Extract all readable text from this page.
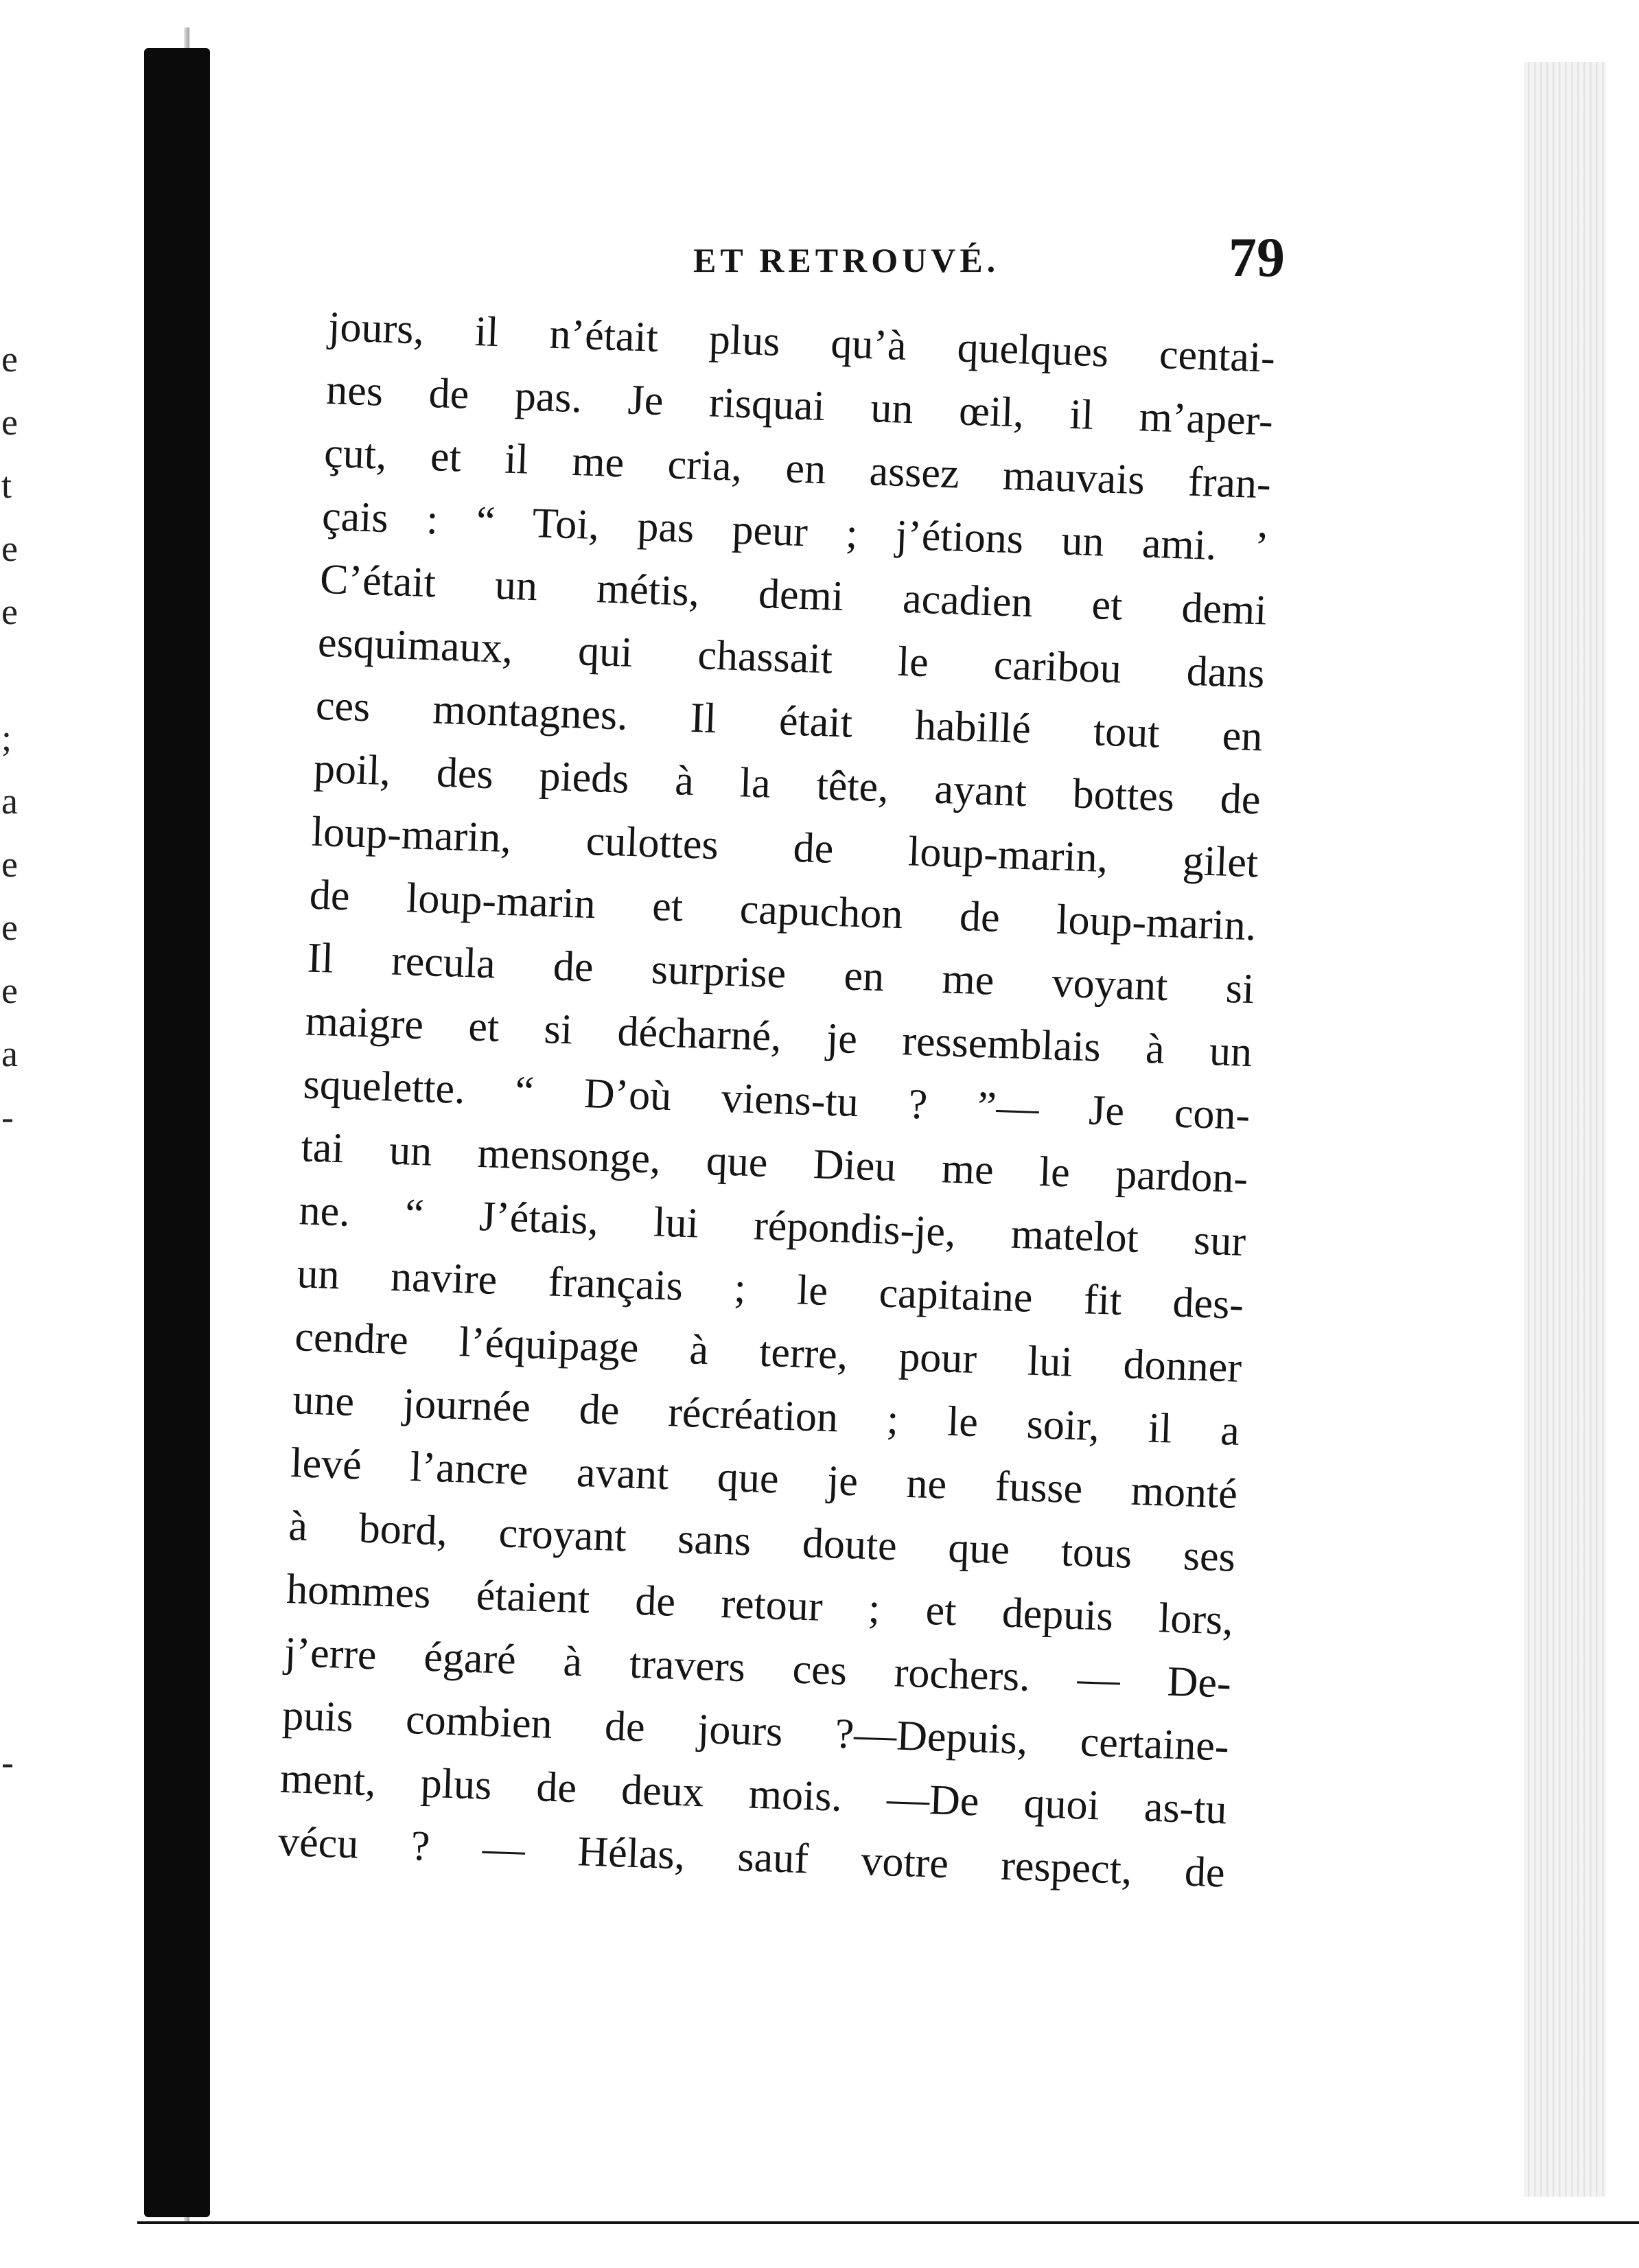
e
e
t
e
e
;
a
e
e
e
a
-
-
ET RETROUVÉ.	79
jours, il n’était plus qu’à quelques centai-
nes de pas. Je risquai un œil, il m’aper-
çut, et il me cria, en assez mauvais fran-
çais : “ Toi, pas peur ; j’étions un ami. ’
C’était un métis, demi acadien et demi
esquimaux, qui chassait le caribou dans
ces montagnes. Il était habillé tout en
poil, des pieds à la tête, ayant bottes de
loup-marin, culottes de loup-marin, gilet
de loup-marin et capuchon de loup-marin.
Il recula de surprise en me voyant si
maigre et si décharné, je ressemblais à un
squelette. “ D’où viens-tu ? ”— Je con-
tai un mensonge, que Dieu me le pardon-
ne. “ J’étais, lui répondis-je, matelot sur
un navire français ; le capitaine fit des-
cendre l’équipage à terre, pour lui donner
une journée de récréation ; le soir, il a
levé l’ancre avant que je ne fusse monté
à bord, croyant sans doute que tous ses
hommes étaient de retour ; et depuis lors,
j’erre égaré à travers ces rochers. — De-
puis combien de jours ?—Depuis, certaine-
ment, plus de deux mois. —De quoi as-tu
vécu ? — Hélas, sauf votre respect, de
